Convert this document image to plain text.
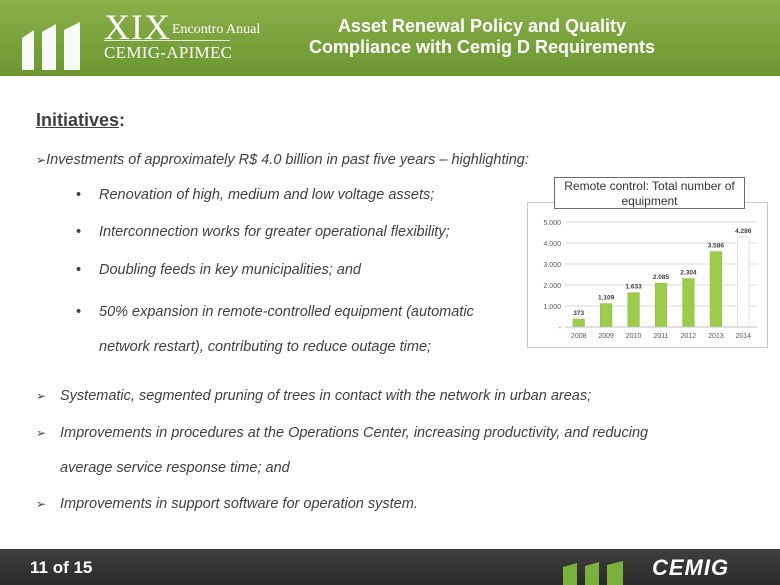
XIX Encontro Anual
CEMIG-APIMEC
Asset Renewal Policy and Quality
Compliance with Cemig D Requirements
Initiatives:
➢Investments of approximately R$ 4.0 billion in past five years – highlighting:
• Renovation of high, medium and low voltage assets;
• Interconnection works for greater operational flexibility;
• Doubling feeds in key municipalities; and
• 50% expansion in remote-controlled equipment (automatic
network restart), contributing to reduce outage time;
➢ Systematic, segmented pruning of trees in contact with the network in urban areas;
➢ Improvements in procedures at the Operations Center, increasing productivity, and reducing
average service response time; and
➢ Improvements in support software for operation system.
-
1.000
2.000
3.000
4.000
5.000
373
2008
1.109
2009
1.633
2010
2.085
2011
2.304
2012
3.586
2013
4.286
2014
Remote control: Total number of equipment
11 of 15	CEMIG
